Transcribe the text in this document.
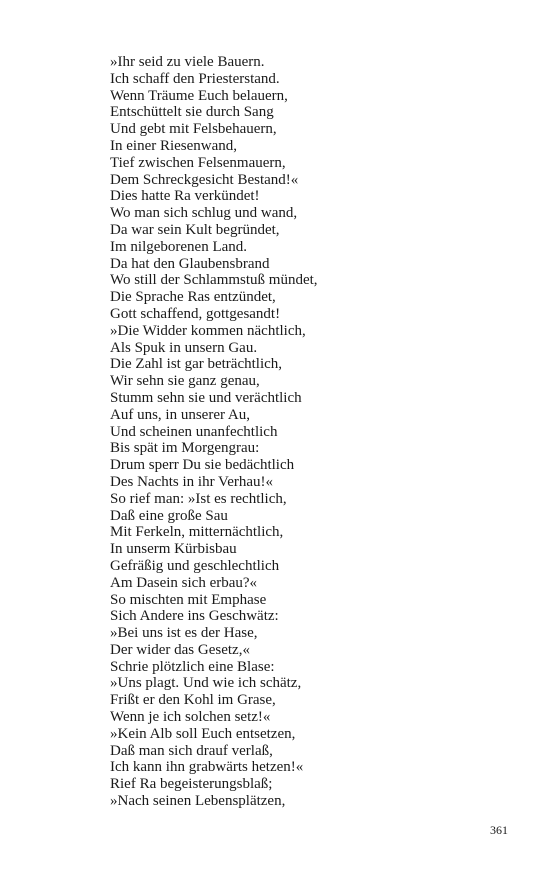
»Ihr seid zu viele Bauern.
Ich schaff den Priesterstand.
Wenn Träume Euch belauern,
Entschüttelt sie durch Sang
Und gebt mit Felsbehauern,
In einer Riesenwand,
Tief zwischen Felsenmauern,
Dem Schreckgesicht Bestand!«
Dies hatte Ra verkündet!
Wo man sich schlug und wand,
Da war sein Kult begründet,
Im nilgeborenen Land.
Da hat den Glaubensbrand
Wo still der Schlammstuß mündet,
Die Sprache Ras entzündet,
Gott schaffend, gottgesandt!
»Die Widder kommen nächtlich,
Als Spuk in unsern Gau.
Die Zahl ist gar beträchtlich,
Wir sehn sie ganz genau,
Stumm sehn sie und verächtlich
Auf uns, in unserer Au,
Und scheinen unanfechtlich
Bis spät im Morgengrau:
Drum sperr Du sie bedächtlich
Des Nachts in ihr Verhau!«
So rief man: »Ist es rechtlich,
Daß eine große Sau
Mit Ferkeln, mitternächtlich,
In unserm Kürbisbau
Gefräßig und geschlechtlich
Am Dasein sich erbau?«
So mischten mit Emphase
Sich Andere ins Geschwätz:
»Bei uns ist es der Hase,
Der wider das Gesetz,«
Schrie plötzlich eine Blase:
»Uns plagt. Und wie ich schätz,
Frißt er den Kohl im Grase,
Wenn je ich solchen setz!«
»Kein Alb soll Euch entsetzen,
Daß man sich drauf verlaß,
Ich kann ihn grabwärts hetzen!«
Rief Ra begeisterungsblaß;
»Nach seinen Lebensplätzen,
361
